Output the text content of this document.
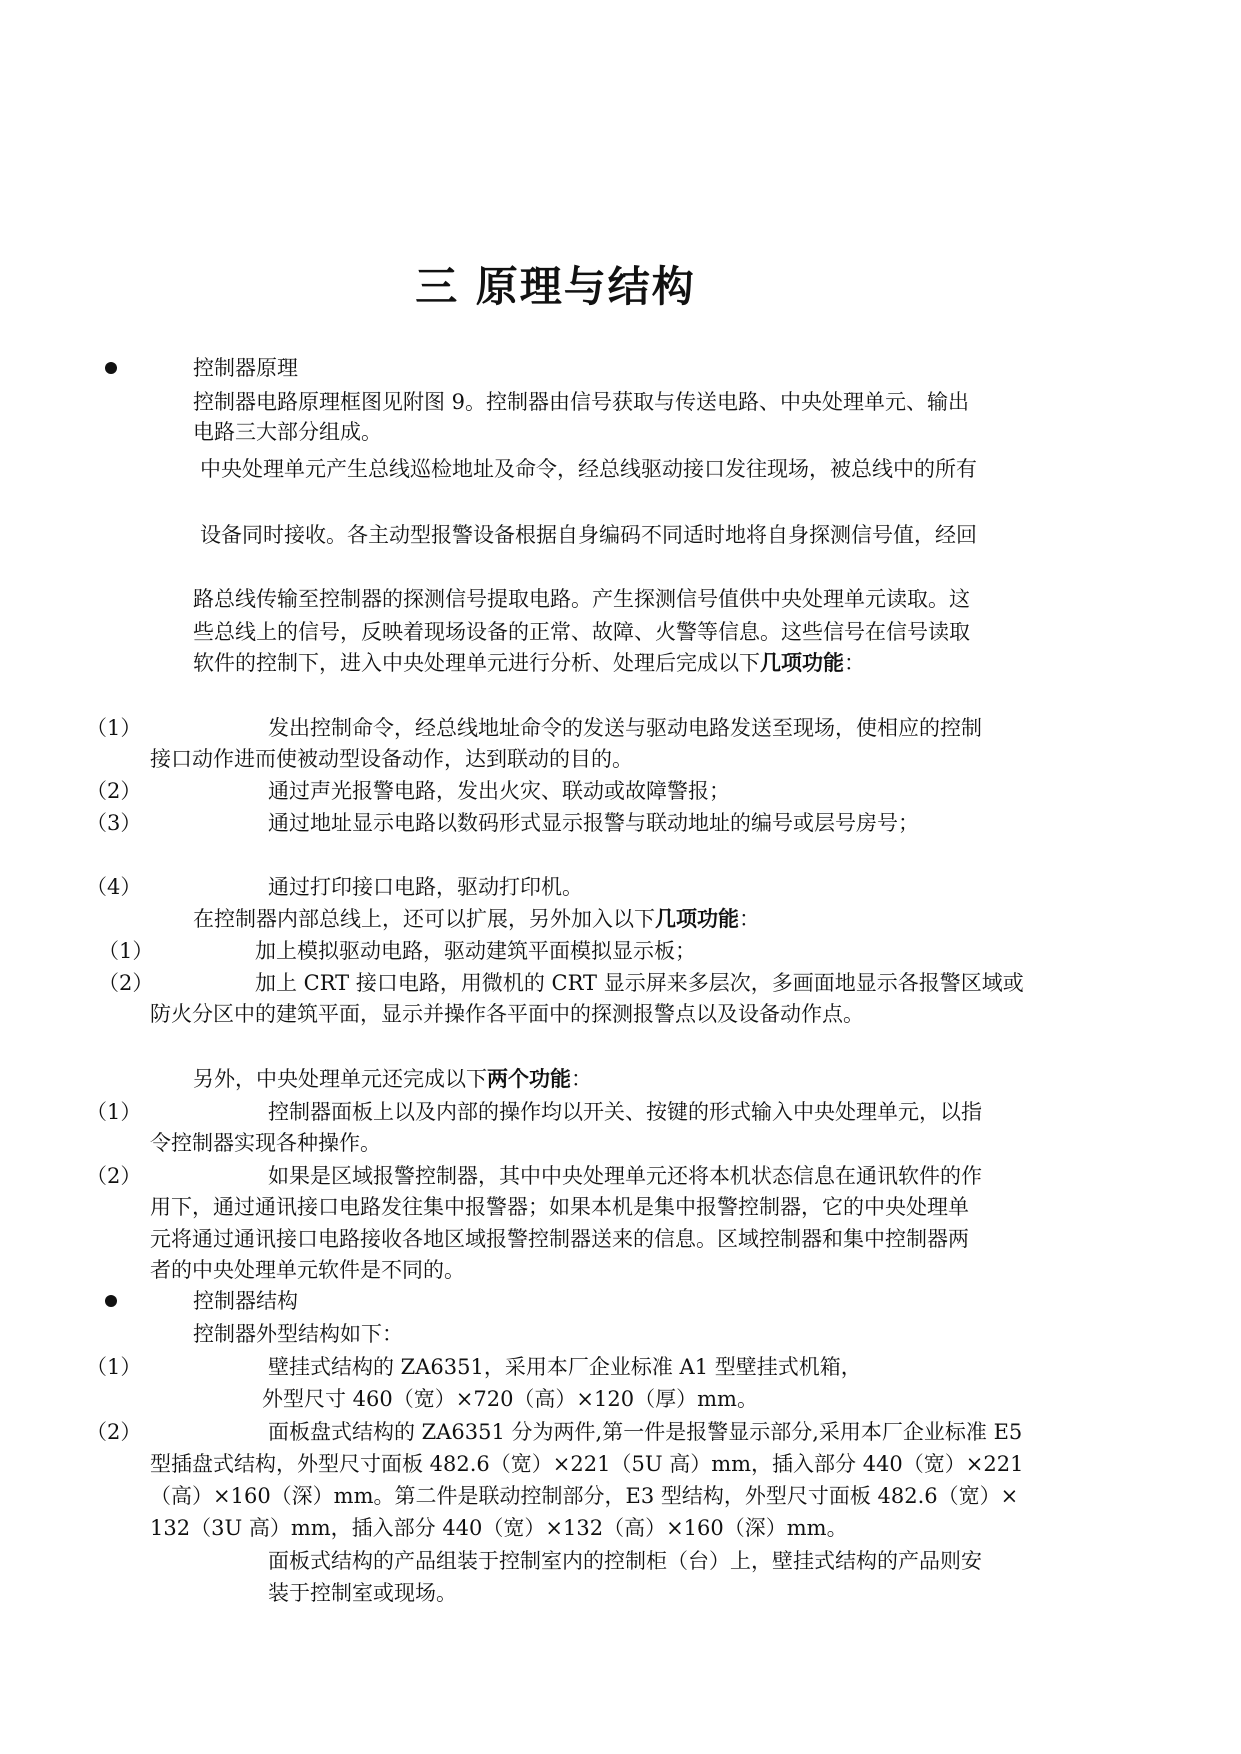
三 原理与结构
控制器原理
控制器电路原理框图见附图 9。控制器由信号获取与传送电路、中央处理单元、输出
电路三大部分组成。
中央处理单元产生总线巡检地址及命令，经总线驱动接口发往现场，被总线中的所有
设备同时接收。各主动型报警设备根据自身编码不同适时地将自身探测信号值，经回
路总线传输至控制器的探测信号提取电路。产生探测信号值供中央处理单元读取。这
些总线上的信号，反映着现场设备的正常、故障、火警等信息。这些信号在信号读取
软件的控制下，进入中央处理单元进行分析、处理后完成以下几项功能：
（1）	发出控制命令，经总线地址命令的发送与驱动电路发送至现场，使相应的控制
接口动作进而使被动型设备动作，达到联动的目的。
（2）	通过声光报警电路，发出火灾、联动或故障警报；
（3）	通过地址显示电路以数码形式显示报警与联动地址的编号或层号房号；
（4）	通过打印接口电路，驱动打印机。
在控制器内部总线上，还可以扩展，另外加入以下几项功能：
（1）	加上模拟驱动电路，驱动建筑平面模拟显示板；
（2）	加上 CRT 接口电路，用微机的 CRT 显示屏来多层次，多画面地显示各报警区域或
防火分区中的建筑平面，显示并操作各平面中的探测报警点以及设备动作点。
另外，中央处理单元还完成以下两个功能：
（1）	控制器面板上以及内部的操作均以开关、按键的形式输入中央处理单元，以指
令控制器实现各种操作。
（2）	如果是区域报警控制器，其中中央处理单元还将本机状态信息在通讯软件的作
用下，通过通讯接口电路发往集中报警器；如果本机是集中报警控制器，它的中央处理单
元将通过通讯接口电路接收各地区域报警控制器送来的信息。区域控制器和集中控制器两
者的中央处理单元软件是不同的。
控制器结构
控制器外型结构如下：
（1）	壁挂式结构的 ZA6351，采用本厂企业标准 A1 型壁挂式机箱，
外型尺寸 460（宽）×720（高）×120（厚）mm。
（2）	面板盘式结构的 ZA6351 分为两件,第一件是报警显示部分,采用本厂企业标准 E5
型插盘式结构，外型尺寸面板 482.6（宽）×221（5U 高）mm，插入部分 440（宽）×221
（高）×160（深）mm。第二件是联动控制部分，E3 型结构，外型尺寸面板 482.6（宽）×
132（3U 高）mm，插入部分 440（宽）×132（高）×160（深）mm。
面板式结构的产品组装于控制室内的控制柜（台）上，壁挂式结构的产品则安
装于控制室或现场。
